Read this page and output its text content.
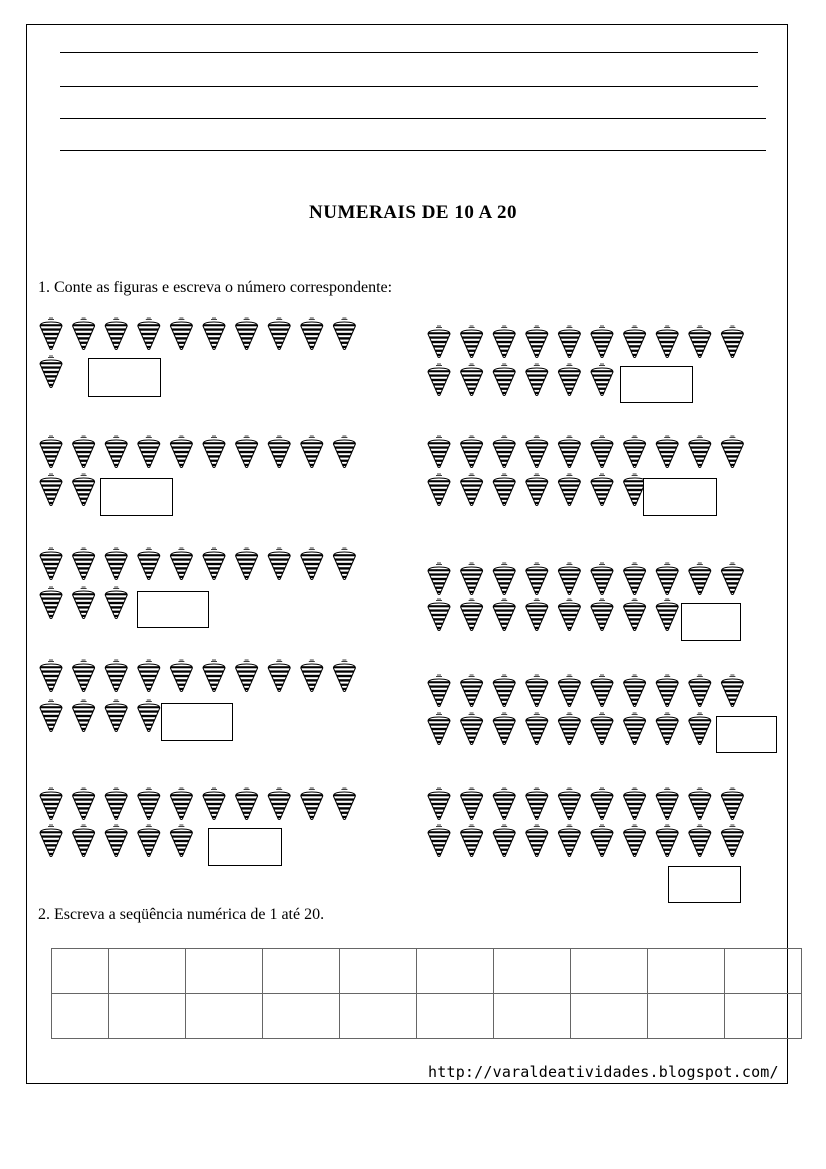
NUMERAIS DE 10 A 20
1. Conte as figuras e escreva o número correspondente:
2. Escreva a seqüência numérica de 1 até 20.

http://varaldeatividades.blogspot.com/
